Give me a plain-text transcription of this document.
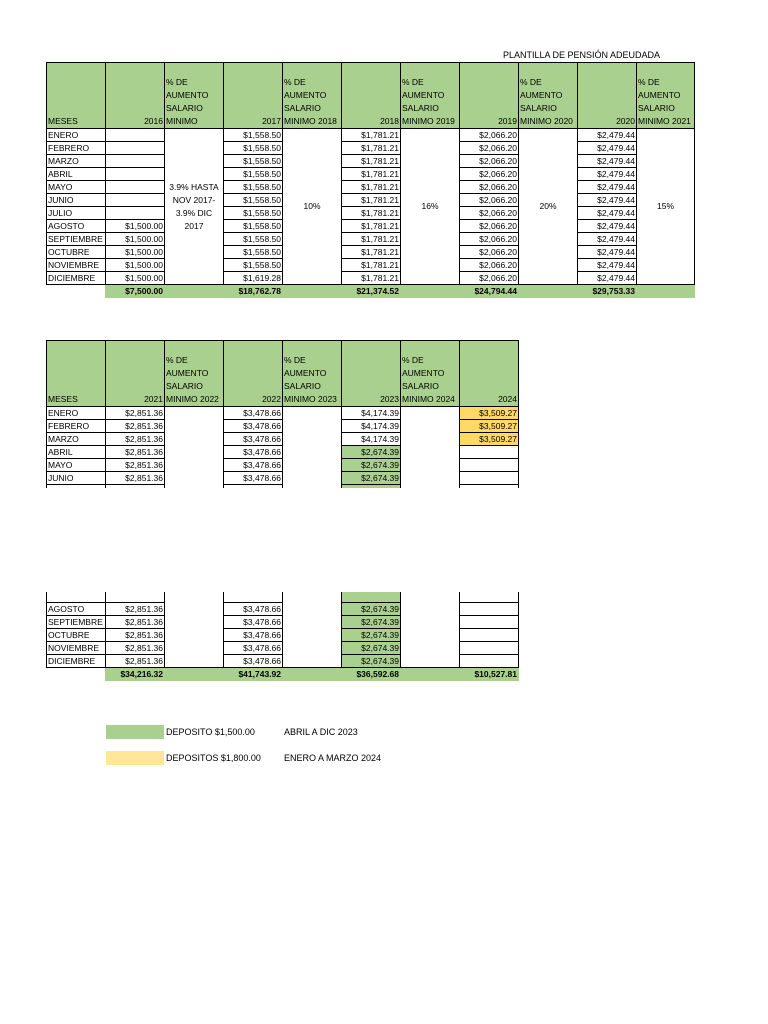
PLANTILLA DE PENSIÓN ADEUDADA
MESES	2016	% DE AUMENTO SALARIO MINIMO	2017	% DE AUMENTO SALARIO MINIMO 2018	2018	% DE AUMENTO SALARIO MINIMO 2019	2019	% DE AUMENTO SALARIO MINIMO 2020	2020	% DE AUMENTO SALARIO MINIMO 2021
ENERO		3.9% HASTA NOV 2017- 3.9% DIC 2017	$1,558.50	10%	$1,781.21	16%	$2,066.20	20%	$2,479.44	15%
FEBRERO			$1,558.50		$1,781.21		$2,066.20		$2,479.44	
MARZO			$1,558.50		$1,781.21		$2,066.20		$2,479.44	
ABRIL			$1,558.50		$1,781.21		$2,066.20		$2,479.44	
MAYO			$1,558.50		$1,781.21		$2,066.20		$2,479.44	
JUNIO			$1,558.50		$1,781.21		$2,066.20		$2,479.44	
JULIO			$1,558.50		$1,781.21		$2,066.20		$2,479.44	
AGOSTO	$1,500.00		$1,558.50		$1,781.21		$2,066.20		$2,479.44	
SEPTIEMBRE	$1,500.00		$1,558.50		$1,781.21		$2,066.20		$2,479.44	
OCTUBRE	$1,500.00		$1,558.50		$1,781.21		$2,066.20		$2,479.44	
NOVIEMBRE	$1,500.00		$1,558.50		$1,781.21		$2,066.20		$2,479.44	
DICIEMBRE	$1,500.00		$1,619.28		$1,781.21		$2,066.20		$2,479.44	
	$7,500.00		$18,762.78		$21,374.52		$24,794.44		$29,753.33	
MESES	2021	% DE AUMENTO SALARIO MINIMO 2022	2022	% DE AUMENTO SALARIO MINIMO 2023	2023	% DE AUMENTO SALARIO MINIMO 2024	2024
ENERO	$2,851.36		$3,478.66		$4,174.39		$3,509.27
FEBRERO	$2,851.36		$3,478.66		$4,174.39		$3,509.27
MARZO	$2,851.36		$3,478.66		$4,174.39		$3,509.27
ABRIL	$2,851.36		$3,478.66		$2,674.39		
MAYO	$2,851.36		$3,478.66		$2,674.39		
JUNIO	$2,851.36		$3,478.66		$2,674.39		

AGOSTO	$2,851.36		$3,478.66		$2,674.39		
SEPTIEMBRE	$2,851.36		$3,478.66		$2,674.39		
OCTUBRE	$2,851.36		$3,478.66		$2,674.39		
NOVIEMBRE	$2,851.36		$3,478.66		$2,674.39		
DICIEMBRE	$2,851.36		$3,478.66		$2,674.39		
	$34,216.32		$41,743.92		$36,592.68		$10,527.81
DEPOSITO $1,500.00	ABRIL A DIC 2023
DEPOSITOS $1,800.00	ENERO A MARZO 2024
